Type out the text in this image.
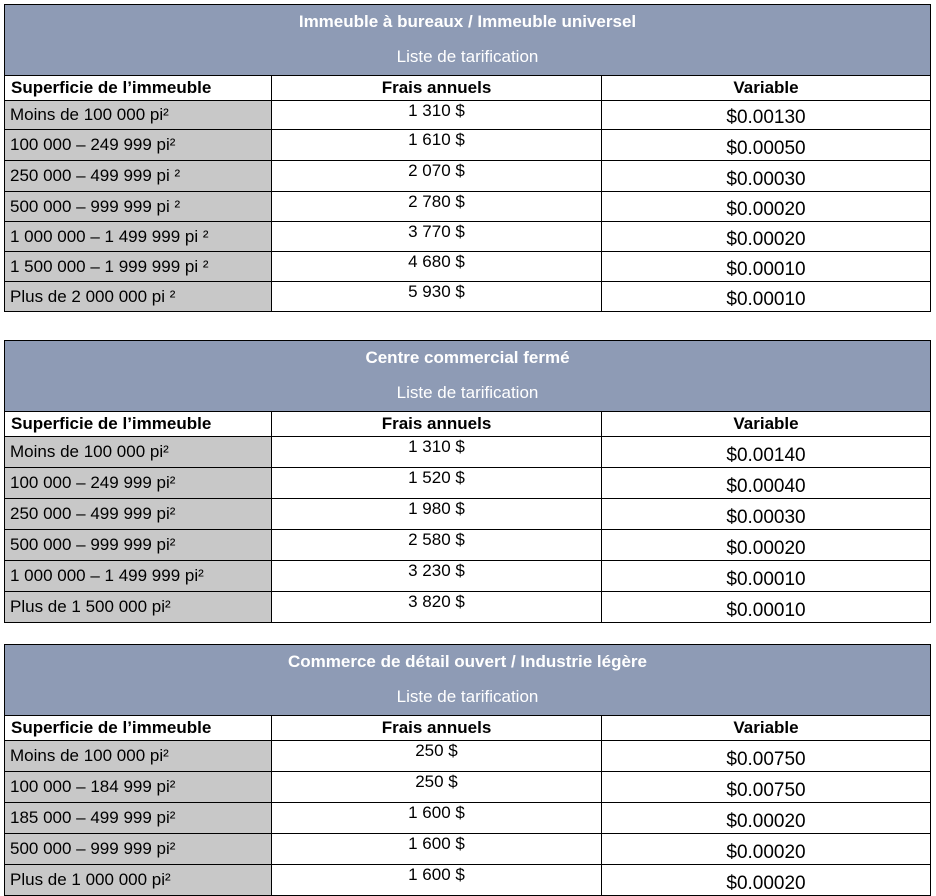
Immeuble à bureaux / Immeuble universel		
Liste de tarification		
Superficie de l’immeuble	Frais annuels	Variable
Moins de 100 000 pi²	1 310 $	$0.00130
100 000 – 249 999 pi²	1 610 $	$0.00050
250 000 – 499 999 pi ²	2 070 $	$0.00030
500 000 – 999 999 pi ²	2 780 $	$0.00020
1 000 000 – 1 499 999 pi ²	3 770 $	$0.00020
1 500 000 – 1 999 999 pi ²	4 680 $	$0.00010
Plus de 2 000 000 pi ²	5 930 $	$0.00010
Centre commercial fermé		
Liste de tarification		
Superficie de l’immeuble	Frais annuels	Variable
Moins de 100 000 pi²	1 310 $	$0.00140
100 000 – 249 999 pi²	1 520 $	$0.00040
250 000 – 499 999 pi²	1 980 $	$0.00030
500 000 – 999 999 pi²	2 580 $	$0.00020
1 000 000 – 1 499 999 pi²	3 230 $	$0.00010
Plus de 1 500 000 pi²	3 820 $	$0.00010
Commerce de détail ouvert / Industrie légère		
Liste de tarification		
Superficie de l’immeuble	Frais annuels	Variable
Moins de 100 000 pi²	250 $	$0.00750
100 000 – 184 999 pi²	250 $	$0.00750
185 000 – 499 999 pi²	1 600 $	$0.00020
500 000 – 999 999 pi²	1 600 $	$0.00020
Plus de 1 000 000 pi²	1 600 $	$0.00020
